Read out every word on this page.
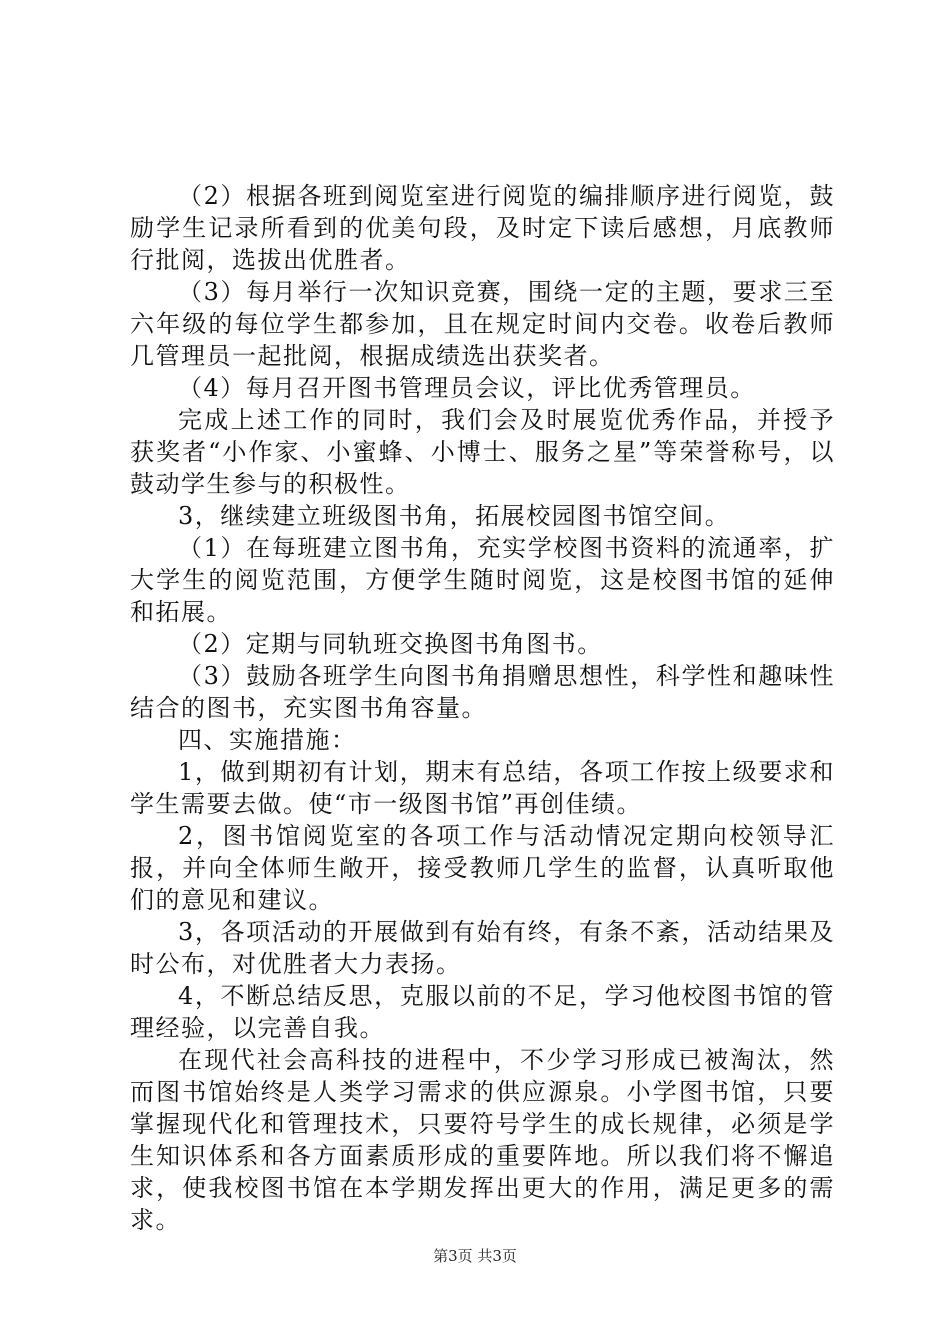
（2）根据各班到阅览室进行阅览的编排顺序进行阅览，鼓励学生记录所看到的优美句段，及时定下读后感想，月底教师行批阅，选拔出优胜者。

（3）每月举行一次知识竞赛，围绕一定的主题，要求三至六年级的每位学生都参加，且在规定时间内交卷。收卷后教师几管理员一起批阅，根据成绩选出获奖者。

（4）每月召开图书管理员会议，评比优秀管理员。

完成上述工作的同时，我们会及时展览优秀作品，并授予获奖者“小作家、小蜜蜂、小博士、服务之星”等荣誉称号，以鼓动学生参与的积极性。

3，继续建立班级图书角，拓展校园图书馆空间。

（1）在每班建立图书角，充实学校图书资料的流通率，扩大学生的阅览范围，方便学生随时阅览，这是校图书馆的延伸和拓展。

（2）定期与同轨班交换图书角图书。

（3）鼓励各班学生向图书角捐赠思想性，科学性和趣味性结合的图书，充实图书角容量。

四、实施措施：

1，做到期初有计划，期末有总结，各项工作按上级要求和学生需要去做。使“市一级图书馆”再创佳绩。

2，图书馆阅览室的各项工作与活动情况定期向校领导汇报，并向全体师生敞开，接受教师几学生的监督，认真听取他们的意见和建议。

3，各项活动的开展做到有始有终，有条不紊，活动结果及时公布，对优胜者大力表扬。

4，不断总结反思，克服以前的不足，学习他校图书馆的管理经验，以完善自我。

在现代社会高科技的进程中，不少学习形成已被淘汰，然而图书馆始终是人类学习需求的供应源泉。小学图书馆，只要掌握现代化和管理技术，只要符号学生的成长规律，必须是学生知识体系和各方面素质形成的重要阵地。所以我们将不懈追求，使我校图书馆在本学期发挥出更大的作用，满足更多的需求。

第3页 共3页
